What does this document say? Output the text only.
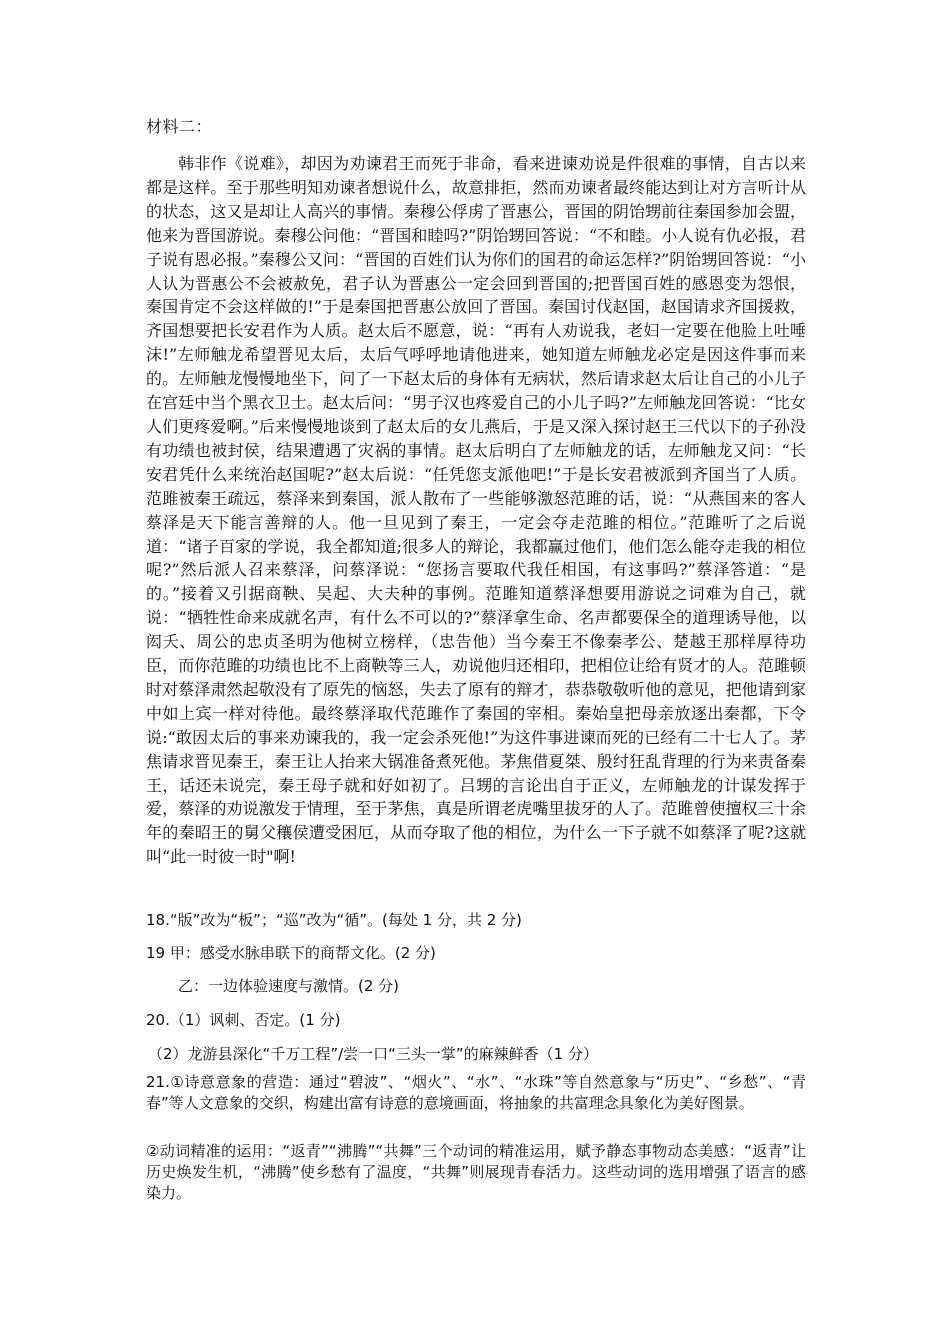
材料二：

韩非作《说难》，却因为劝谏君王而死于非命，看来进谏劝说是件很难的事情，自古以来都是这样。至于那些明知劝谏者想说什么，故意排拒，然而劝谏者最终能达到让对方言听计从的状态，这又是却让人高兴的事情。秦穆公俘虏了晋惠公，晋国的阴饴甥前往秦国参加会盟，他来为晋国游说。秦穆公问他：“晋国和睦吗?”阴饴甥回答说：“不和睦。小人说有仇必报，君子说有恩必报。”秦穆公又问：“晋国的百姓们认为你们的国君的命运怎样?”阴饴甥回答说：“小人认为晋惠公不会被赦免，君子认为晋惠公一定会回到晋国的;把晋国百姓的感恩变为怨恨，秦国肯定不会这样做的!”于是秦国把晋惠公放回了晋国。秦国讨伐赵国，赵国请求齐国援救，齐国想要把长安君作为人质。赵太后不愿意，说：“再有人劝说我，老妇一定要在他脸上吐唾沫!”左师触龙希望晋见太后，太后气呼呼地请他进来，她知道左师触龙必定是因这件事而来的。左师触龙慢慢地坐下，问了一下赵太后的身体有无病状，然后请求赵太后让自己的小儿子在宫廷中当个黑衣卫士。赵太后问：“男子汉也疼爱自己的小儿子吗?”左师触龙回答说：“比女人们更疼爱啊。”后来慢慢地谈到了赵太后的女儿燕后，于是又深入探讨赵王三代以下的子孙没有功绩也被封侯，结果遭遇了灾祸的事情。赵太后明白了左师触龙的话，左师触龙又问：“长安君凭什么来统治赵国呢?”赵太后说：“任凭您支派他吧!”于是长安君被派到齐国当了人质。范雎被秦王疏远，蔡泽来到秦国，派人散布了一些能够激怒范雎的话，说：“从燕国来的客人蔡泽是天下能言善辩的人。他一旦见到了秦王，一定会夺走范雎的相位。”范雎听了之后说道：“诸子百家的学说，我全都知道;很多人的辩论，我都赢过他们，他们怎么能夺走我的相位呢?”然后派人召来蔡泽，问蔡泽说：“您扬言要取代我任相国，有这事吗?”蔡泽答道：“是的。”接着又引据商鞅、吴起、大夫种的事例。范雎知道蔡泽想要用游说之词难为自己，就说：“牺牲性命来成就名声，有什么不可以的?”蔡泽拿生命、名声都要保全的道理诱导他，以闳夭、周公的忠贞圣明为他树立榜样，（忠告他）当今秦王不像秦孝公、楚越王那样厚待功臣，而你范雎的功绩也比不上商鞅等三人，劝说他归还相印，把相位让给有贤才的人。范雎顿时对蔡泽肃然起敬没有了原先的恼怒，失去了原有的辩才，恭恭敬敬听他的意见，把他请到家中如上宾一样对待他。最终蔡泽取代范雎作了秦国的宰相。秦始皇把母亲放逐出秦都，下令说:“敢因太后的事来劝谏我的，我一定会杀死他!”为这件事进谏而死的已经有二十七人了。茅焦请求晋见秦王，秦王让人抬来大锅准备煮死他。茅焦借夏桀、殷纣狂乱背理的行为来责备秦王，话还未说完，秦王母子就和好如初了。吕甥的言论出自于正义，左师触龙的计谋发挥于爱，蔡泽的劝说激发于情理，至于茅焦，真是所谓老虎嘴里拔牙的人了。范雎曾使擅权三十余年的秦昭王的舅父穰侯遭受困厄，从而夺取了他的相位，为什么一下子就不如蔡泽了呢?这就叫“此一时彼一时"啊!

18.“版”改为“板”；“巡”改为“循”。(每处 1 分，共 2 分)

19 甲：感受水脉串联下的商帮文化。(2 分)

乙：一边体验速度与激情。(2 分)

20.（1）讽刺、否定。(1 分)

（2）龙游县深化“千万工程”/尝一口“三头一掌”的麻辣鲜香（1 分）

21.①诗意意象的营造：通过“碧波”、“烟火”、“水”、“水珠”等自然意象与“历史”、“乡愁”、“青春”等人文意象的交织，构建出富有诗意的意境画面，将抽象的共富理念具象化为美好图景。

②动词精准的运用：“返青”“沸腾”“共舞”三个动词的精准运用，赋予静态事物动态美感：“返青”让历史焕发生机，“沸腾”使乡愁有了温度，“共舞”则展现青春活力。这些动词的选用增强了语言的感染力。
